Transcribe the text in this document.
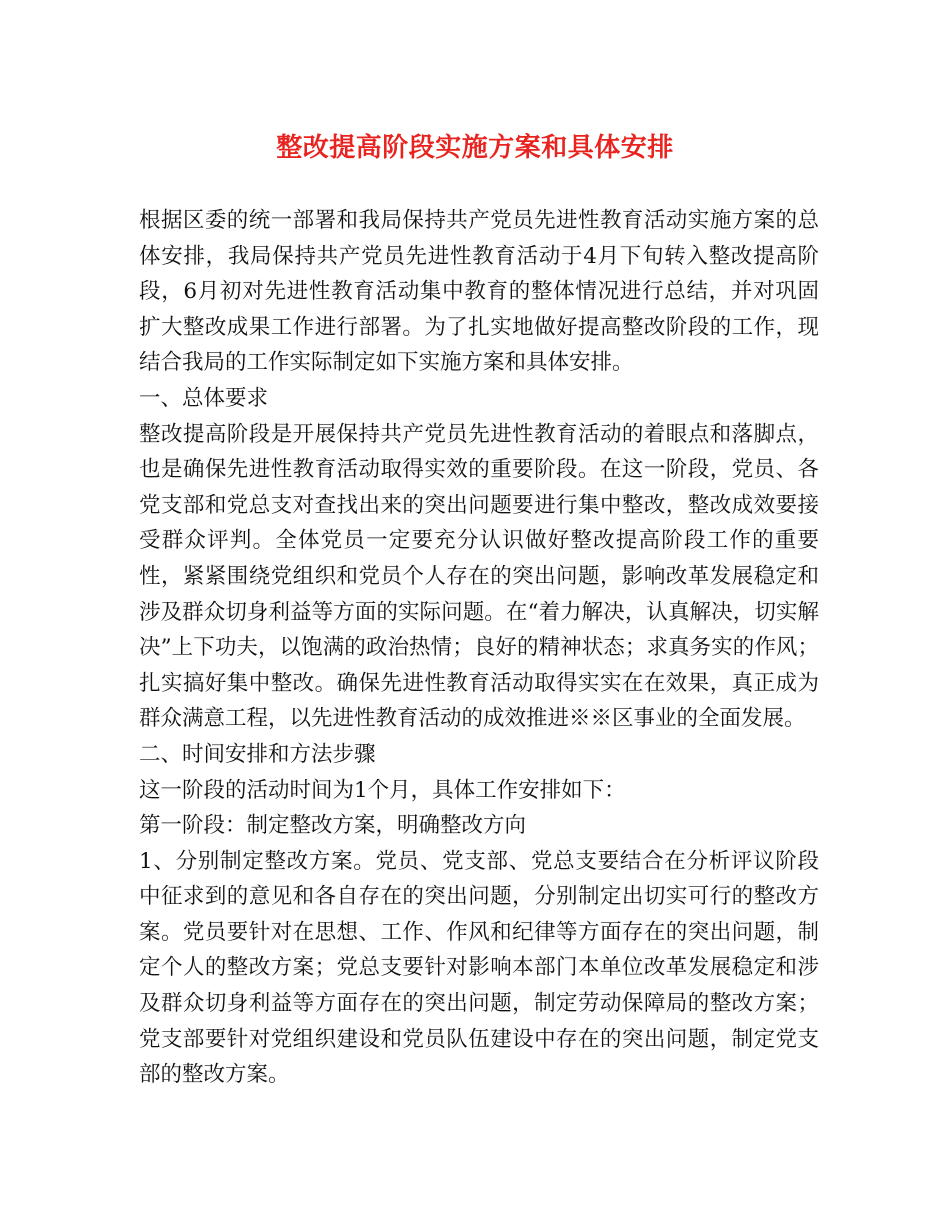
整改提高阶段实施方案和具体安排

根据区委的统一部署和我局保持共产党员先进性教育活动实施方案的总体安排，我局保持共产党员先进性教育活动于4月下旬转入整改提高阶段，6月初对先进性教育活动集中教育的整体情况进行总结，并对巩固扩大整改成果工作进行部署。为了扎实地做好提高整改阶段的工作，现结合我局的工作实际制定如下实施方案和具体安排。

一、总体要求

整改提高阶段是开展保持共产党员先进性教育活动的着眼点和落脚点，也是确保先进性教育活动取得实效的重要阶段。在这一阶段，党员、各党支部和党总支对查找出来的突出问题要进行集中整改，整改成效要接受群众评判。全体党员一定要充分认识做好整改提高阶段工作的重要性，紧紧围绕党组织和党员个人存在的突出问题，影响改革发展稳定和涉及群众切身利益等方面的实际问题。在“着力解决，认真解决，切实解决”上下功夫，以饱满的政治热情；良好的精神状态；求真务实的作风；扎实搞好集中整改。确保先进性教育活动取得实实在在效果，真正成为群众满意工程，以先进性教育活动的成效推进※※区事业的全面发展。

二、时间安排和方法步骤

这一阶段的活动时间为1个月，具体工作安排如下：

第一阶段：制定整改方案，明确整改方向

1、分别制定整改方案。党员、党支部、党总支要结合在分析评议阶段中征求到的意见和各自存在的突出问题，分别制定出切实可行的整改方案。党员要针对在思想、工作、作风和纪律等方面存在的突出问题，制定个人的整改方案；党总支要针对影响本部门本单位改革发展稳定和涉及群众切身利益等方面存在的突出问题，制定劳动保障局的整改方案；党支部要针对党组织建设和党员队伍建设中存在的突出问题，制定党支部的整改方案。
